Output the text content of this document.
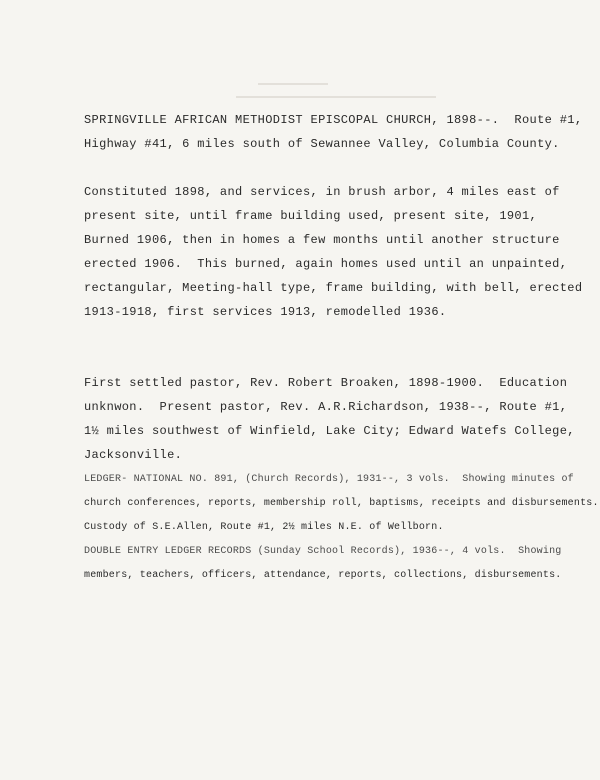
SPRINGVILLE AFRICAN METHODIST EPISCOPAL CHURCH, 1898--.  Route #1,
Highway #41, 6 miles south of Sewannee Valley, Columbia County.
Constituted 1898, and services, in brush arbor, 4 miles east of
present site, until frame building used, present site, 1901,
Burned 1906, then in homes a few months until another structure
erected 1906.  This burned, again homes used until an unpainted,
rectangular, Meeting-hall type, frame building, with bell, erected
1913-1918, first services 1913, remodelled 1936.
First settled pastor, Rev. Robert Broaken, 1898-1900.  Education
unknwon.  Present pastor, Rev. A.R.Richardson, 1938--, Route #1,
1½ miles southwest of Winfield, Lake City; Edward Watefs College,
Jacksonville.
LEDGER- NATIONAL NO. 891, (Church Records), 1931--, 3 vols.  Showing minutes of
church conferences, reports, membership roll, baptisms, receipts and disbursements.
Custody of S.E.Allen, Route #1, 2½ miles N.E. of Wellborn.
DOUBLE ENTRY LEDGER RECORDS (Sunday School Records), 1936--, 4 vols.  Showing
members, teachers, officers, attendance, reports, collections, disbursements.
